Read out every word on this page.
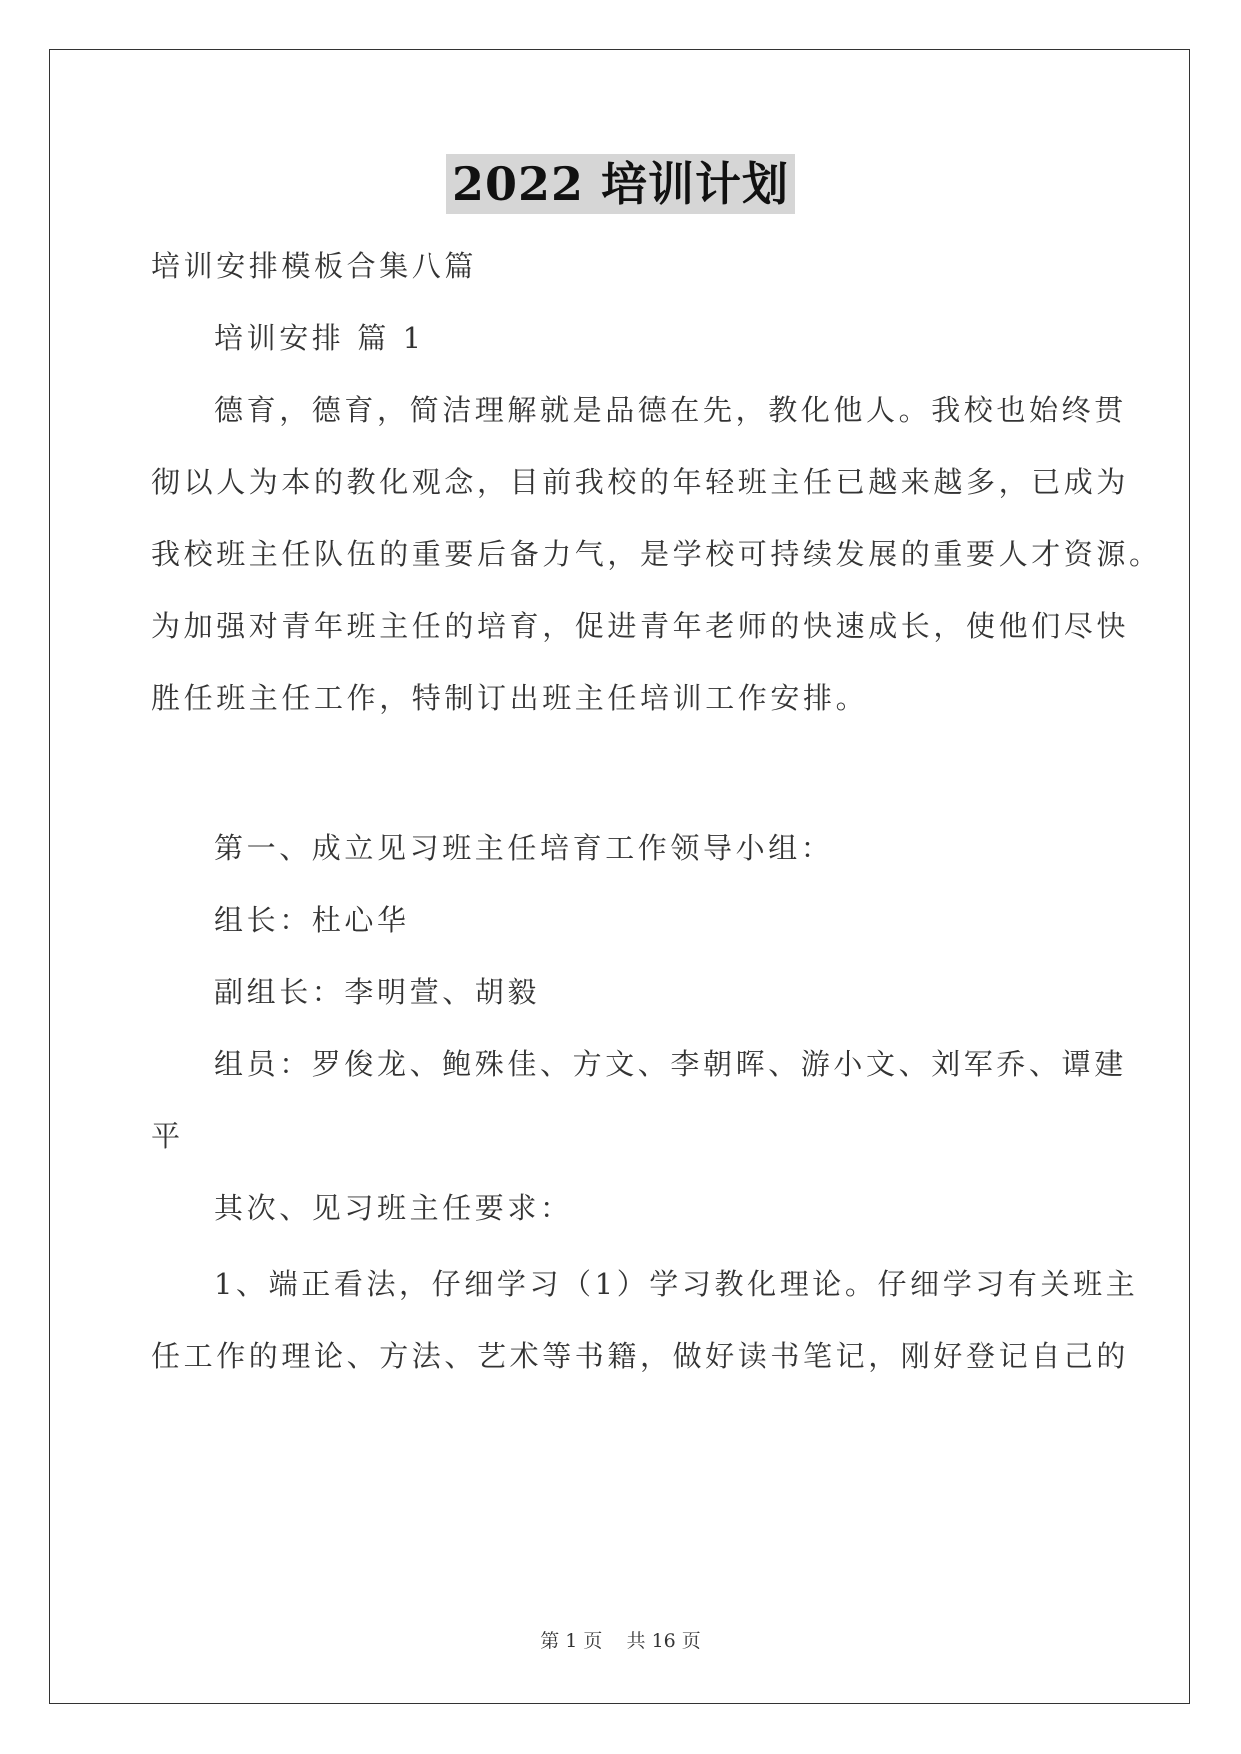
2022 培训计划

培训安排模板合集八篇

培训安排 篇 1

德育，德育，简洁理解就是品德在先，教化他人。我校也始终贯

彻以人为本的教化观念，目前我校的年轻班主任已越来越多，已成为

我校班主任队伍的重要后备力气，是学校可持续发展的重要人才资源。

为加强对青年班主任的培育，促进青年老师的快速成长，使他们尽快

胜任班主任工作，特制订出班主任培训工作安排。

第一、成立见习班主任培育工作领导小组：

组长：杜心华

副组长：李明萱、胡毅

组员：罗俊龙、鲍殊佳、方文、李朝晖、游小文、刘军乔、谭建

平

其次、见习班主任要求：

1、端正看法，仔细学习（1）学习教化理论。仔细学习有关班主

任工作的理论、方法、艺术等书籍，做好读书笔记，刚好登记自己的

第 1 页    共 16 页
